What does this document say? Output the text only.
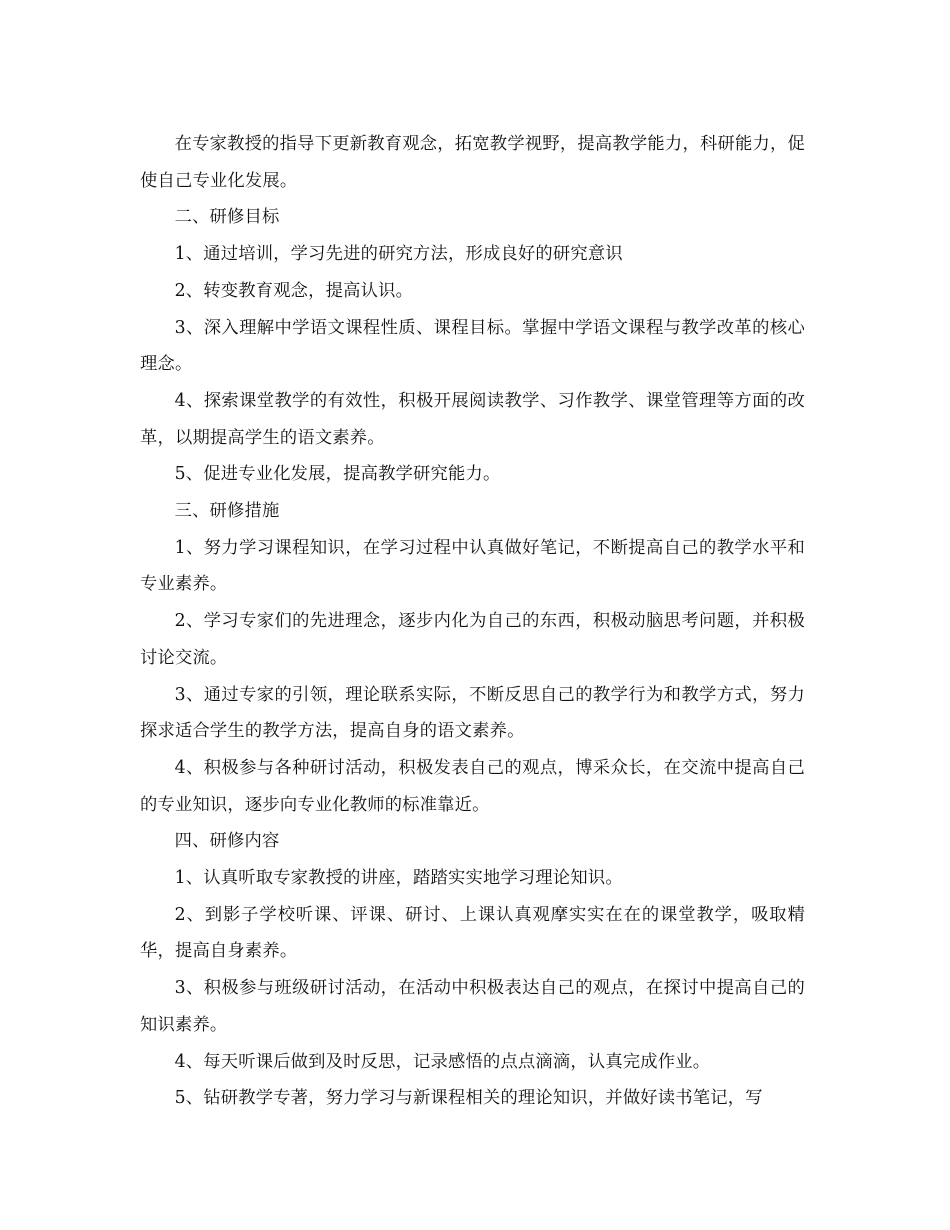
在专家教授的指导下更新教育观念，拓宽教学视野，提高教学能力，科研能力，促使自己专业化发展。

二、研修目标

1、通过培训，学习先进的研究方法，形成良好的研究意识

2、转变教育观念，提高认识。

3、深入理解中学语文课程性质、课程目标。掌握中学语文课程与教学改革的核心理念。

4、探索课堂教学的有效性，积极开展阅读教学、习作教学、课堂管理等方面的改革，以期提高学生的语文素养。

5、促进专业化发展，提高教学研究能力。

三、研修措施

1、努力学习课程知识，在学习过程中认真做好笔记，不断提高自己的教学水平和专业素养。

2、学习专家们的先进理念，逐步内化为自己的东西，积极动脑思考问题，并积极讨论交流。

3、通过专家的引领，理论联系实际，不断反思自己的教学行为和教学方式，努力探求适合学生的教学方法，提高自身的语文素养。

4、积极参与各种研讨活动，积极发表自己的观点，博采众长，在交流中提高自己的专业知识，逐步向专业化教师的标准靠近。

四、研修内容

1、认真听取专家教授的讲座，踏踏实实地学习理论知识。

2、到影子学校听课、评课、研讨、上课认真观摩实实在在的课堂教学，吸取精华，提高自身素养。

3、积极参与班级研讨活动，在活动中积极表达自己的观点，在探讨中提高自己的知识素养。

4、每天听课后做到及时反思，记录感悟的点点滴滴，认真完成作业。

5、钻研教学专著，努力学习与新课程相关的理论知识，并做好读书笔记，写
